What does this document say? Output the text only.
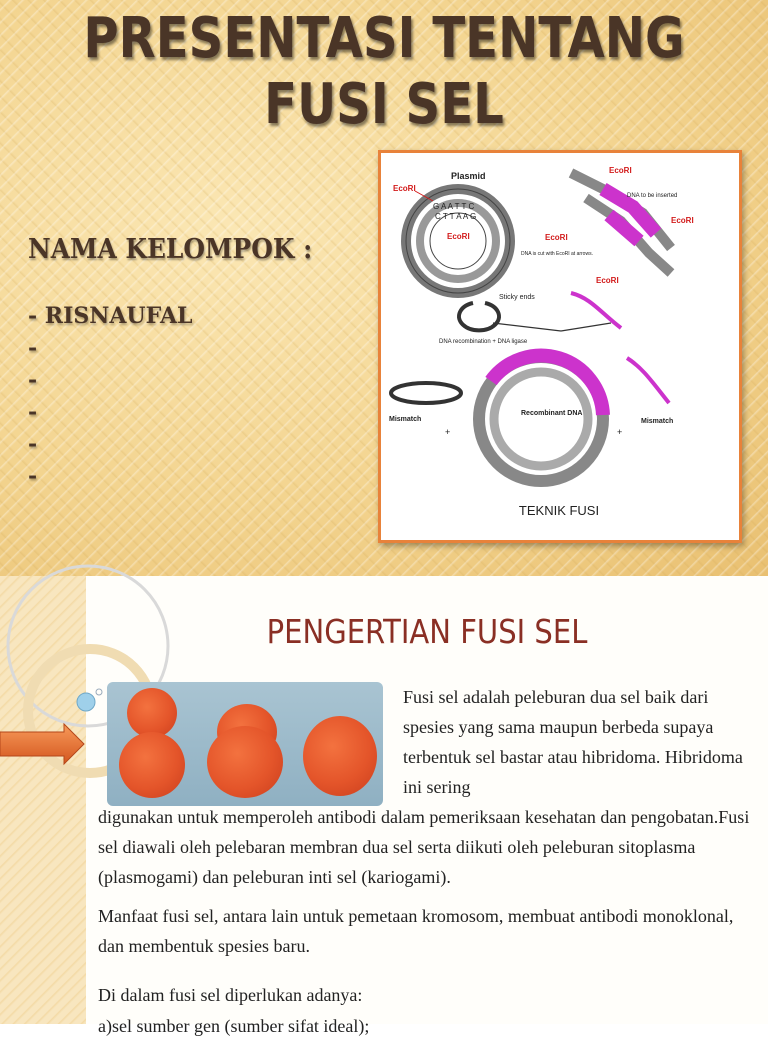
PRESENTASI TENTANG
FUSI SEL
NAMA KELOMPOK :
- RISNAUFAL
-
-
-
-
-
Plasmid
G A A T T C
C T T A A G
EcoRI
EcoRI
EcoRI
DNA to be inserted
EcoRI
EcoRI
EcoRI
DNA is cut with EcoRI at arrows.
Sticky ends
DNA recombination + DNA ligase
Mismatch
+
Recombinant DNA
+
Mismatch
TEKNIK FUSI
PENGERTIAN FUSI SEL
Fusi sel adalah peleburan dua sel baik dari spesies yang sama maupun berbeda supaya terbentuk sel bastar atau hibridoma. Hibridoma ini sering
digunakan untuk memperoleh antibodi dalam pemeriksaan kesehatan dan pengobatan.Fusi sel diawali oleh pelebaran membran dua sel serta diikuti oleh peleburan sitoplasma (plasmogami) dan peleburan inti sel (kariogami).
Manfaat fusi sel, antara lain untuk pemetaan kromosom, membuat antibodi monoklonal, dan membentuk spesies baru.
Di dalam fusi sel diperlukan adanya:
a)sel sumber gen (sumber sifat ideal);
